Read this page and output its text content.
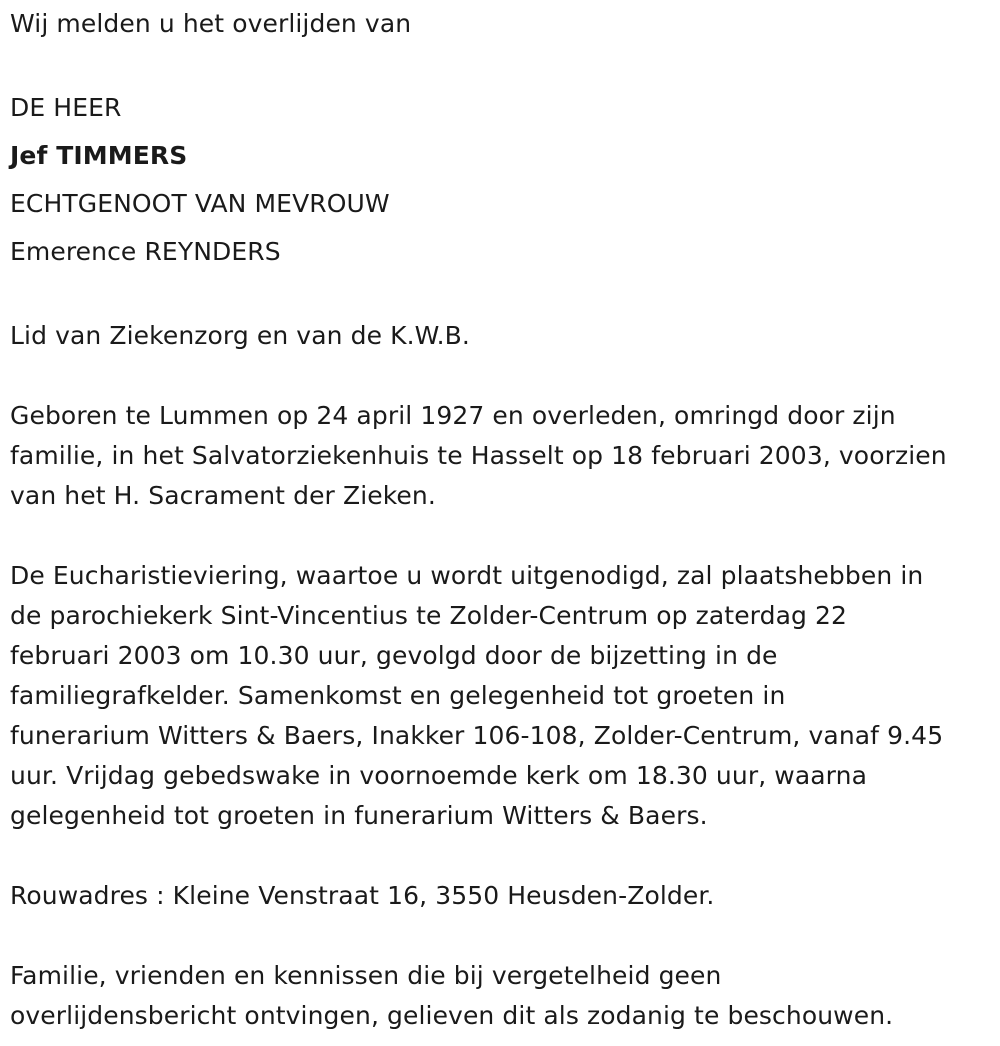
Wij melden u het overlijden van
DE HEER
Jef TIMMERS
ECHTGENOOT VAN MEVROUW
Emerence REYNDERS
Lid van Ziekenzorg en van de K.W.B.

Geboren te Lummen op 24 april 1927 en overleden, omringd door zijn

familie, in het Salvatorziekenhuis te Hasselt op 18 februari 2003, voorzien

van het H. Sacrament der Zieken.

De Eucharistieviering, waartoe u wordt uitgenodigd, zal plaatshebben in

de parochiekerk Sint-Vincentius te Zolder-Centrum op zaterdag 22

februari 2003 om 10.30 uur, gevolgd door de bijzetting in de

familiegrafkelder. Samenkomst en gelegenheid tot groeten in

funerarium Witters & Baers, Inakker 106-108, Zolder-Centrum, vanaf 9.45

uur. Vrijdag gebedswake in voornoemde kerk om 18.30 uur, waarna

gelegenheid tot groeten in funerarium Witters & Baers.

Rouwadres : Kleine Venstraat 16, 3550 Heusden-Zolder.

Familie, vrienden en kennissen die bij vergetelheid geen

overlijdensbericht ontvingen, gelieven dit als zodanig te beschouwen.
